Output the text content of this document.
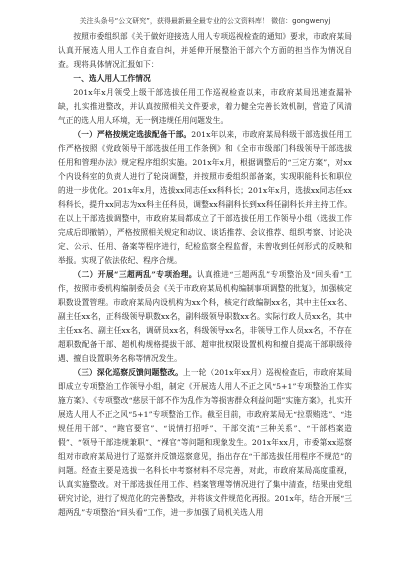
关注头条号“公文研究”，获得最新最全最专业的公文资料库！ 微信：gongwenyj

按照市委组织部《关于做好迎接选人用人专项巡视检查的通知》要求，市政府某局认真开展选人用人工作自查自纠，并延伸开展整治干部六个方面的担当作为情况自查。现将具体情况汇报如下：

一、选人用人工作情况

201x年x月领受上级干部选拔任用工作巡视检查以来，市政府某局迅速查漏补缺，扎实推进整改，并认真按照相关文件要求，着力健全完善长效机制，营造了风清气正的选人用人环境，无一例违规任用问题发生。

（一）严格按规定选拔配备干部。201x年以来，市政府某局科级干部选拔任用工作严格按照《党政领导干部选拔任用工作条例》和《全市市级部门科级领导干部选拔任用和管理办法》规定程序组织实施。201x年x月，根据调整后的“三定方案”，对xx个内设科室的负责人进行了轮岗调整，并按照市委组织部备案，实现职能科长和职位的进一步优化。201x年x月，选拔xx同志任xx科科长；201x年x月，选拔xx同志任xx科科长，提升xx同志为xx科主任科员，调整xx科副科长到xx科任副科长并主持工作。在以上干部选拔调整中，市政府某局都成立了干部选拔任用工作领导小组（选拔工作完成后即撤销），严格按照相关规定和动议、谈话推荐、会议推荐、组织考察、讨论决定、公示、任用、备案等程序进行，纪检监察全程监督，未曾收到任何形式的反映和举报。实现了依法依纪、程序合规。

（二）开展“三超两乱”专项治理。认真推进“三超两乱”专项整治及“回头看”工作，按照市委机构编制委员会《关于市政府某局机构编制事项调整的批复》，加强核定职数设置管理。市政府某局内设机构为xx个科，核定行政编制xx名，其中主任xx名、副主任xx名，正科级领导职数xx名，副科级领导职数xx名。实际行政人员xx名，其中主任xx名、副主任xx名，调研员xx名，科级领导xx名，非领导工作人员xx名，不存在超职数配备干部、超机构规格提拔干部、超审批权限设置机构和擅自提高干部职级待遇、擅自设置职务名称等情况发生。

（三）深化巡察反馈问题整改。上一轮（201x年xx月）巡视检查后，市政府某局即成立专项整治工作领导小组，制定《开展选人用人不正之风“5+1”专项整治工作实施方案》、《专项整改“慈层干部不作为乱作为等损害群众利益问题”实施方案》，扎实开展选人用人不正之风“5+1”专项整治工作。截至目前，市政府某局无“拉票贿选”、“违规任用干部”、“跑官要官”、“说情打招呼”、干部交流“三种关系”、“干部档案造假”、“领导干部违规兼职”、“裸官”等问题和现象发生。201x年xx月，市委第xx巡察组对市政府某局进行了巡察并反馈巡察意见，指出存在“干部选拔任用程序不规范”的问题。经查主要是选拔一名科长中考察材料不尽完善，对此，市政府某局高度重视，认真实施整改。对干部选拔任用工作、档案管理等情况进行了集中清查，结果由党组研究讨论，进行了规范化的完善整改，并将该文件规范化再报。201x年，结合开展“三超两乱”专项整治“回头看”工作，进一步加强了局机关选人用
